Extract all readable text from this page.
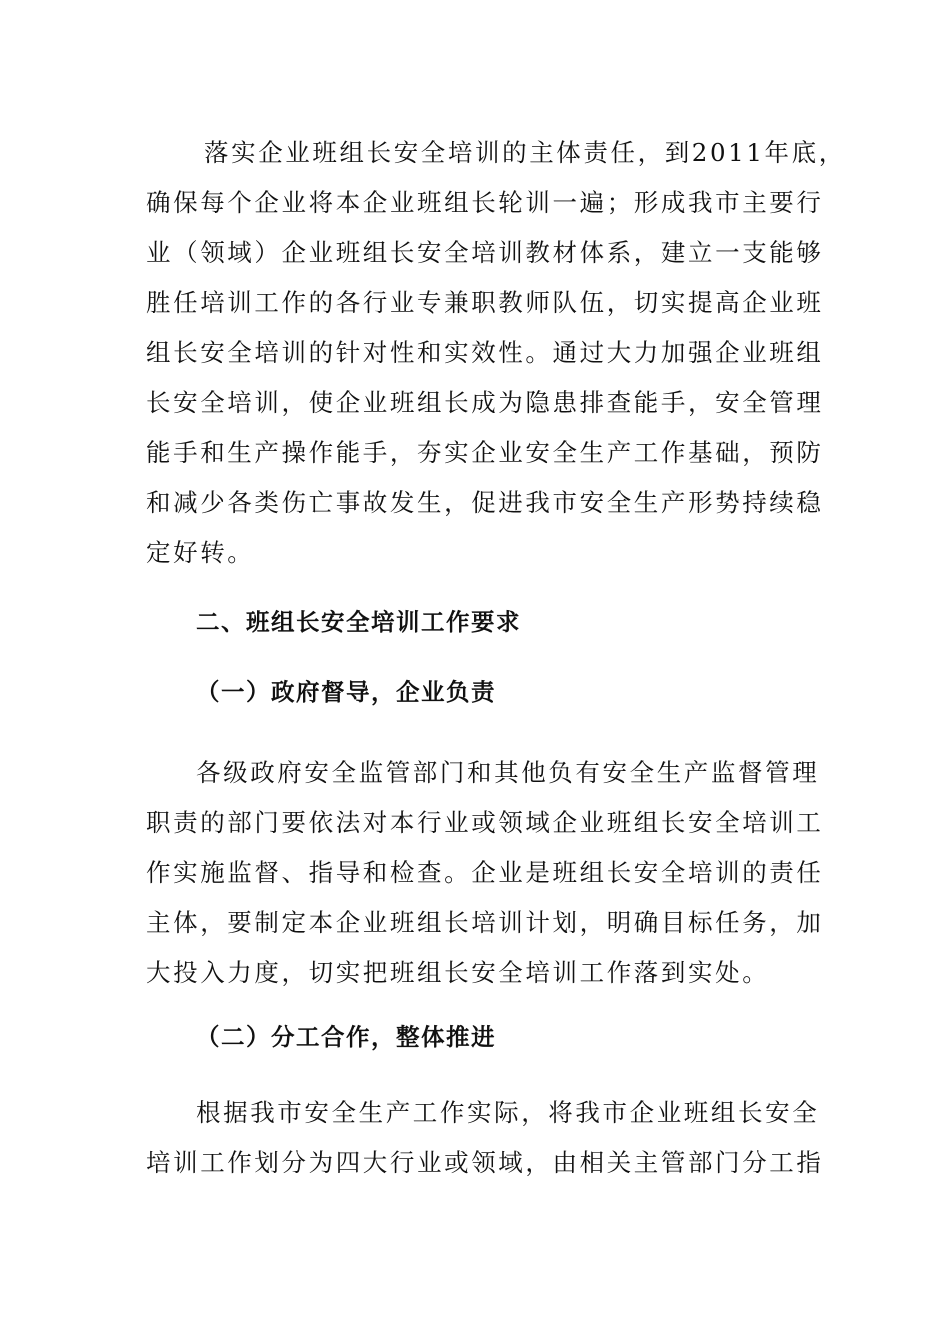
落实企业班组长安全培训的主体责任，到2011年底，
确保每个企业将本企业班组长轮训一遍；形成我市主要行
业（领域）企业班组长安全培训教材体系，建立一支能够
胜任培训工作的各行业专兼职教师队伍，切实提高企业班
组长安全培训的针对性和实效性。通过大力加强企业班组
长安全培训，使企业班组长成为隐患排查能手，安全管理
能手和生产操作能手，夯实企业安全生产工作基础，预防
和减少各类伤亡事故发生，促进我市安全生产形势持续稳
定好转。
二、班组长安全培训工作要求
（一）政府督导，企业负责
各级政府安全监管部门和其他负有安全生产监督管理
职责的部门要依法对本行业或领域企业班组长安全培训工
作实施监督、指导和检查。企业是班组长安全培训的责任
主体，要制定本企业班组长培训计划，明确目标任务，加
大投入力度，切实把班组长安全培训工作落到实处。
（二）分工合作，整体推进
根据我市安全生产工作实际，将我市企业班组长安全
培训工作划分为四大行业或领域，由相关主管部门分工指
